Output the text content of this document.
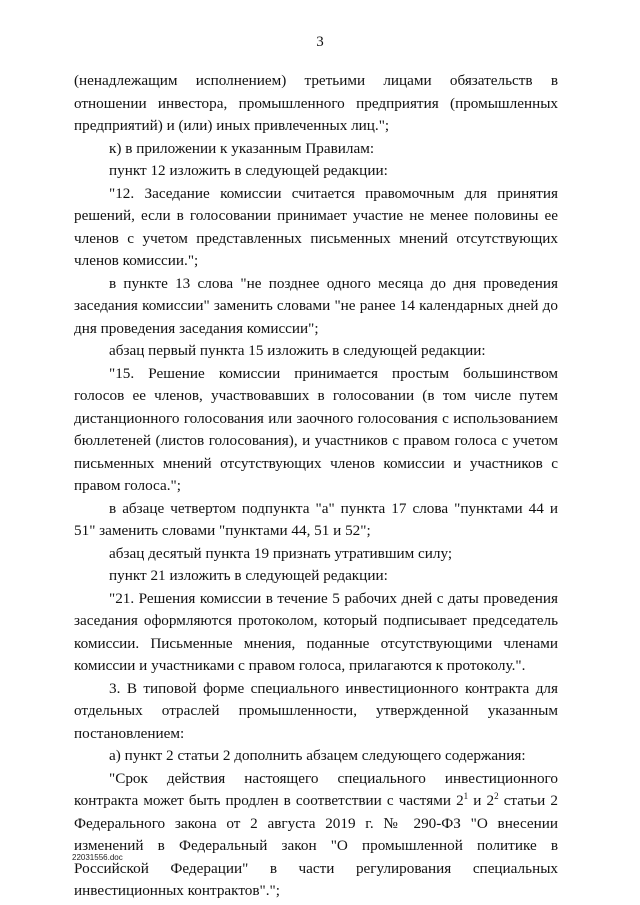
3

(ненадлежащим исполнением) третьими лицами обязательств в отношении инвестора, промышленного предприятия (промышленных предприятий) и (или) иных привлеченных лиц.";

к) в приложении к указанным Правилам:

пункт 12 изложить в следующей редакции:

"12. Заседание комиссии считается правомочным для принятия решений, если в голосовании принимает участие не менее половины ее членов с учетом представленных письменных мнений отсутствующих членов комиссии.";

в пункте 13 слова "не позднее одного месяца до дня проведения заседания комиссии" заменить словами "не ранее 14 календарных дней до дня проведения заседания комиссии";

абзац первый пункта 15 изложить в следующей редакции:

"15. Решение комиссии принимается простым большинством голосов ее членов, участвовавших в голосовании (в том числе путем дистанционного голосования или заочного голосования с использованием бюллетеней (листов голосования), и участников с правом голоса с учетом письменных мнений отсутствующих членов комиссии и участников с правом голоса.";

в абзаце четвертом подпункта "а" пункта 17 слова "пунктами 44 и 51" заменить словами "пунктами 44, 51 и 52";

абзац десятый пункта 19 признать утратившим силу;

пункт 21 изложить в следующей редакции:

"21. Решения комиссии в течение 5 рабочих дней с даты проведения заседания оформляются протоколом, который подписывает председатель комиссии. Письменные мнения, поданные отсутствующими членами комиссии и участниками с правом голоса, прилагаются к протоколу.".

3. В типовой форме специального инвестиционного контракта для отдельных отраслей промышленности, утвержденной указанным постановлением:

а) пункт 2 статьи 2 дополнить абзацем следующего содержания:

"Срок действия настоящего специального инвестиционного контракта может быть продлен в соответствии с частями $2^1$ и $2^2$ статьи 2 Федерального закона от 2 августа 2019 г. № 290-ФЗ "О внесении изменений в Федеральный закон "О промышленной политике в Российской Федерации" в части регулирования специальных инвестиционных контрактов".";

22031556.doc
